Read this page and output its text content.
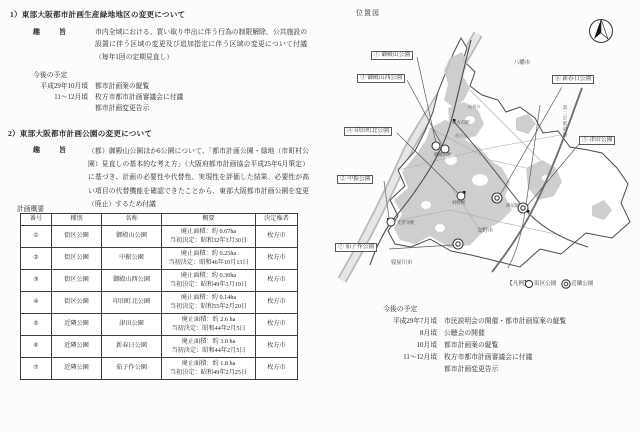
1）東部大阪都市計画生産緑地地区の変更について
趣　旨	市内全域における、買い取り申出に伴う行為の制限解除、公共施設の設置に伴う区域の変更及び追加指定に伴う区域の変更について付議（毎年1回の定期見直し）
今後の予定
平成29年10月頃 都市計画案の縦覧
11～12月頃 枚方市都市計画審議会に付議
都市計画変更告示
2）東部大阪都市計画公園の変更について
趣　旨 （都）御殿山公園ほか6公園について、「都市計画公園・緑地（市町村公園）見直しの基本的な考え方」（大阪府都市計画協会平成25年6月策定）に基づき、計画の必要性や代替性、実現性を評価した結果、必要性が高い項目の代替機能を確認できたことから、東部大阪都市計画公園を変更（廃止）するため付議
計画概要
番号	種別	名称	概要	決定権者
①	街区公園	御殿山公園	廃止面積：約 0.67ha
当初決定：昭和32年3月30日	枚方市
②	街区公園	中振公園	廃止面積：約 0.25ha
当初決定：昭和46年10月13日	枚方市
③	街区公園	御殿山西公園	廃止面積：約 0.30ha
当初決定：昭和49年3月19日	枚方市
④	街区公園	印田町北公園	廃止面積：約 0.14ha
当初決定：昭和55年2月20日	枚方市
⑤	近隣公園	津田公園	廃止面積：約 2.6 ha
当初決定：昭和44年2月5日	枚方市
⑥	近隣公園	新春日公園	廃止面積：約 3.0 ha
当初決定：昭和44年2月5日	枚方市
⑦	近隣公園	茄子作公園	廃止面積：約 1.8 ha
当初決定：昭和49年2月25日	枚方市
位置図
① 御殿山公園
③ 御殿山西公園
④ 印田町北公園
② 中振公園
⑦ 茄子作公園
⑥ 新春日公園
⑤ 津田公園
八幡市
交野市
寝屋川市
枚方市駅
御殿山駅
光善寺駅
村野駅
津田駅
船橋川
穂谷川	第二京阪道路
【凡例】 街区公園	近隣公園
今後の予定
平成29年7月頃 市民説明会の開催・都市計画原案の縦覧
8月頃 公聴会の開催
10月頃 都市計画案の縦覧
11～12月頃 枚方市都市計画審議会に付議
都市計画変更告示
